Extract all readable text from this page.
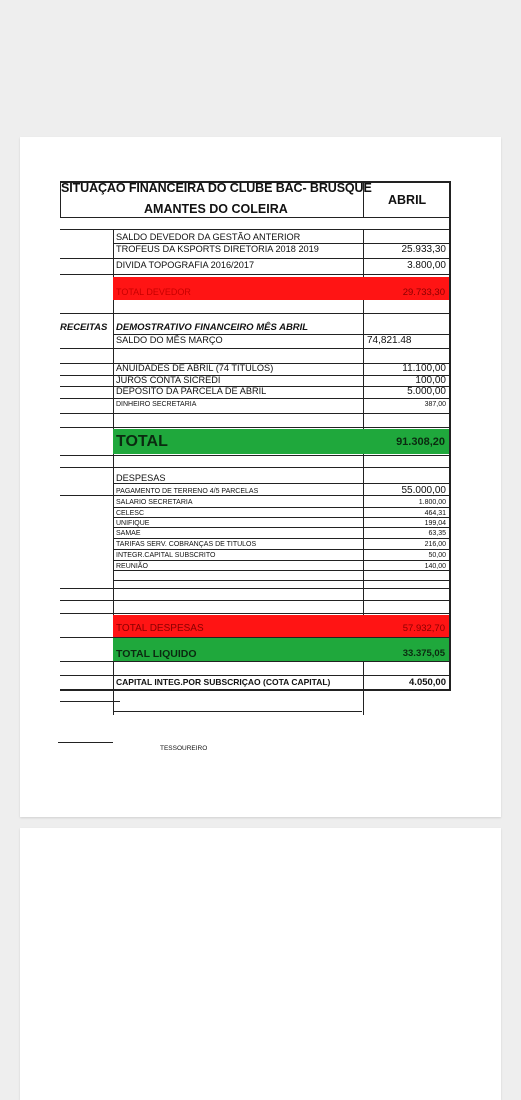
SITUAÇAO FINANCEIRA DO CLUBE BAC- BRUSQUE
AMANTES DO COLEIRA
ABRIL
SALDO DEVEDOR DA GESTÃO ANTERIOR
TROFEUS DA KSPORTS DIRETORIA 2018 2019	25.933,30
DIVIDA TOPOGRAFIA 2016/2017	3.800,00
TOTAL DEVEDOR	29.733,30
RECEITAS DEMOSTRATIVO FINANCEIRO MÊS ABRIL
SALDO DO MÊS MARÇO	74,821.48
ANUIDADES DE ABRIL (74 TITULOS)	11.100,00
JUROS CONTA SICREDI	100,00
DEPOSITO DA PARCELA DE ABRIL	5.000,00
DINHEIRO SECRETARIA	387,00
TOTAL	91.308,20
DESPESAS
PAGAMENTO DE TERRENO 4/5 PARCELAS	55.000,00
SALARIO SECRETARIA	1.800,00
CELESC	464,31
UNIFIQUE	199,04
SAMAE	63,35
TARIFAS SERV. COBRANÇAS DE TITULOS	216,00
INTEGR.CAPITAL SUBSCRITO	50,00
REUNIÃO	140,00
TOTAL DESPESAS	57.932,70
TOTAL LIQUIDO	33.375,05
CAPITAL INTEG.POR SUBSCRIÇAO (COTA CAPITAL)	4.050,00
TESSOUREIRO
